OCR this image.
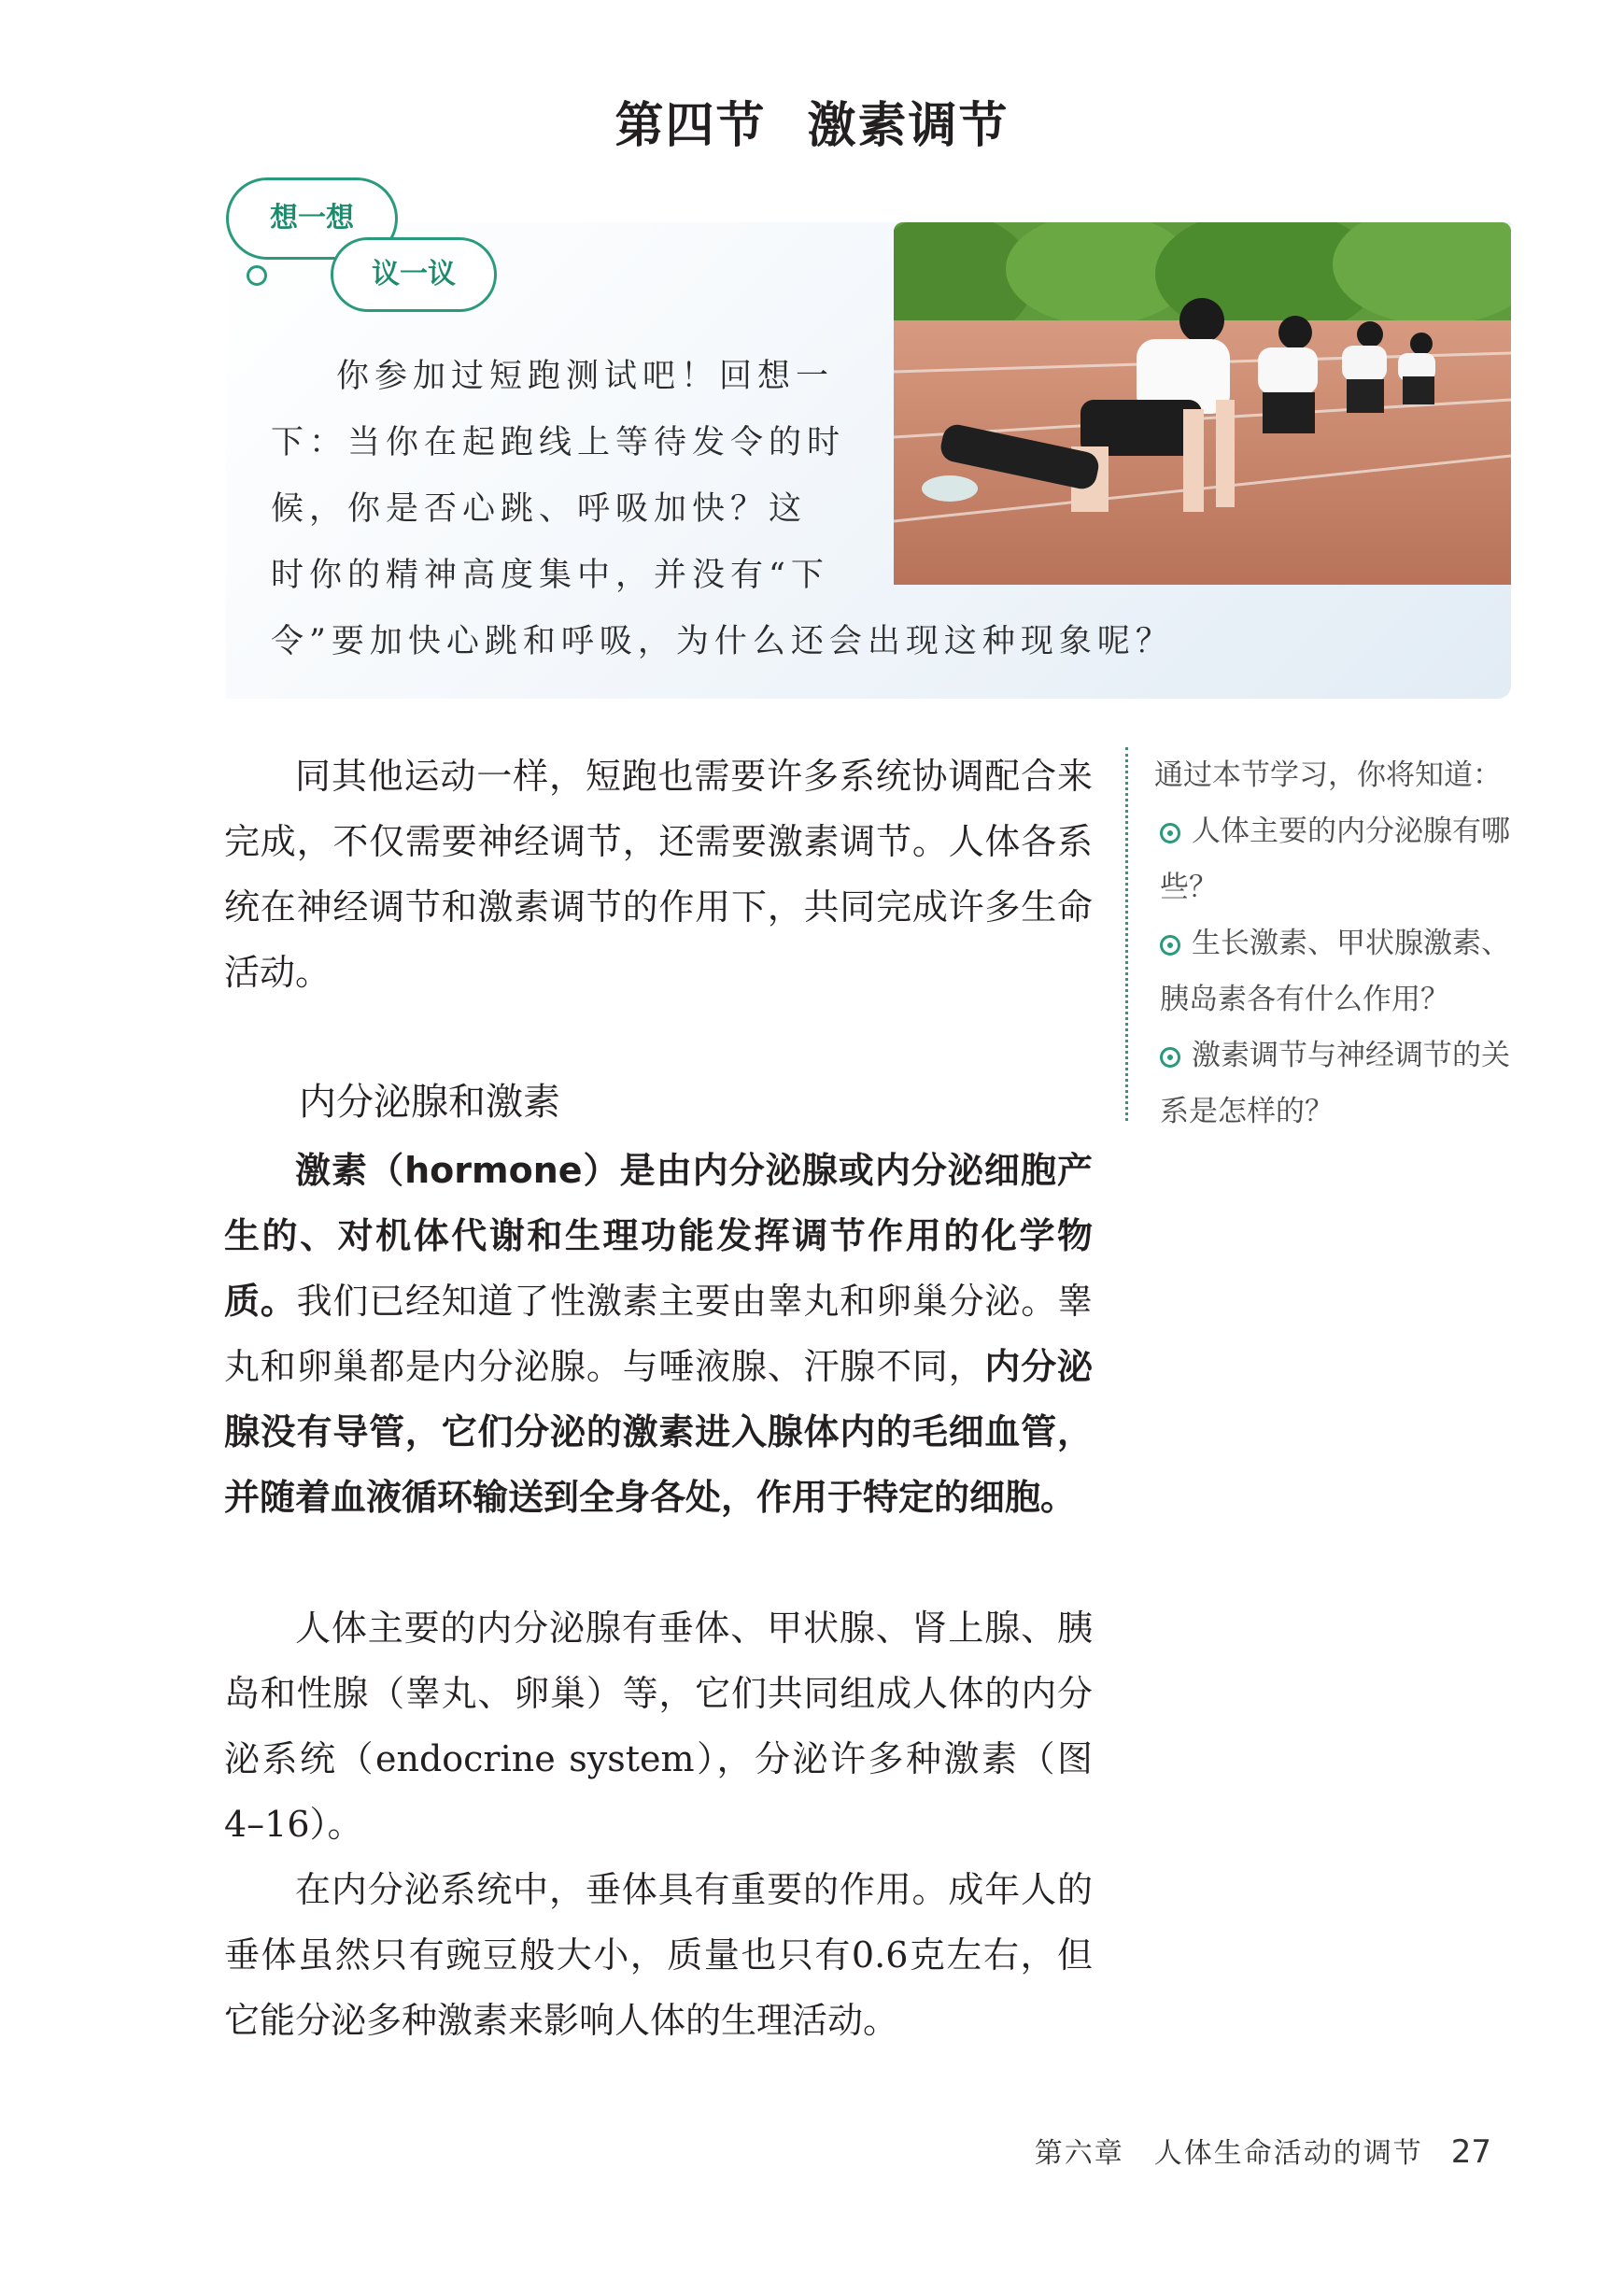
第四节 激素调节
想一想
议一议
你参加过短跑测试吧！回想一
下：当你在起跑线上等待发令的时
候，你是否心跳、呼吸加快？这
时你的精神高度集中，并没有“下
令”要加快心跳和呼吸，为什么还会出现这种现象呢？
同其他运动一样，短跑也需要许多系统协调配合来完成，不仅需要神经调节，还需要激素调节。人体各系统在神经调节和激素调节的作用下，共同完成许多生命活动。
通过本节学习，你将知道：
人体主要的内分泌腺有哪些？
生长激素、甲状腺激素、胰岛素各有什么作用？
激素调节与神经调节的关系是怎样的？
内分泌腺和激素
激素（hormone）是由内分泌腺或内分泌细胞产生的、对机体代谢和生理功能发挥调节作用的化学物质。我们已经知道了性激素主要由睾丸和卵巢分泌。睾丸和卵巢都是内分泌腺。与唾液腺、汗腺不同，内分泌腺没有导管，它们分泌的激素进入腺体内的毛细血管，并随着血液循环输送到全身各处，作用于特定的细胞。
人体主要的内分泌腺有垂体、甲状腺、肾上腺、胰岛和性腺（睾丸、卵巢）等，它们共同组成人体的内分泌系统（endocrine system），分泌许多种激素（图4–16）。
在内分泌系统中，垂体具有重要的作用。成年人的垂体虽然只有豌豆般大小，质量也只有0.6克左右，但它能分泌多种激素来影响人体的生理活动。
第六章　人体生命活动的调节 27
